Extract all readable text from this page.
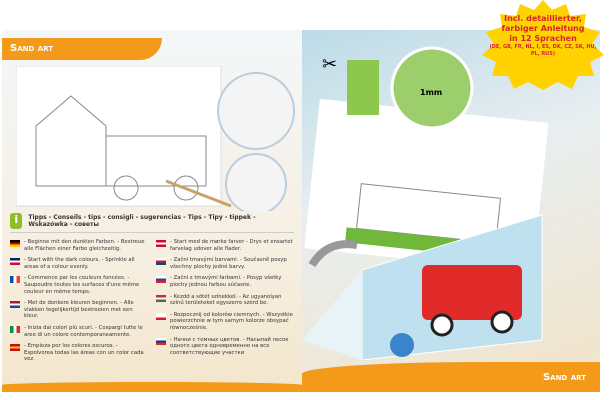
Sand art
i	Tipps - Conseils - tips - consigli - sugerencias - Tips - Tipy - tippek - Wskazówka - советы
- Beginne mit den dunklen Farben. - Bestreue alle Flächen einer Farbe gleichzeitig.
- Start with the dark colours. - Sprinkle all areas of a colour evenly.
- Commence par les couleurs foncées. - Saupoudre toutes les surfaces d'une même couleur en même temps.
- Met de donkere kleuren beginnen. - Alle vlakken tegelijkertijd bestrooien met een kleur.
- Inizia dai colori più scuri. - Cospargi tutte le aree di un colore contemporaneamente.
- Empieza por los colores oscuros. - Espolvorea todas las áreas con un color cada vez.
- Start med de mørke farver - Drys et ensartet farvelag udover alle flader.
- Začni tmavými barvami. - Současně posyp všechny plochy jedné barvy.
- Začni s tmavými farbami. - Posyp všetky plochy jednou farbou súčasne.
- Kezdd a sötét színekkel. - Az ugyanolyan színű területeket egyszerre szórd be.
- Rozpocznij od kolorów ciemnych. - Wszystkie powierzchnie w tym samym kolorze obsypać równocześnie.
- Начни с темных цветов. - Насыпай песок одного цвета одновременно на все соответствующие участки
✂
1mm
Sand art
Incl. detaillierter,
farbiger Anleitung
in 12 Sprachen
(DE, GB, FR, NL, I, ES, DK, CZ, SK, HU, PL, RUS)
